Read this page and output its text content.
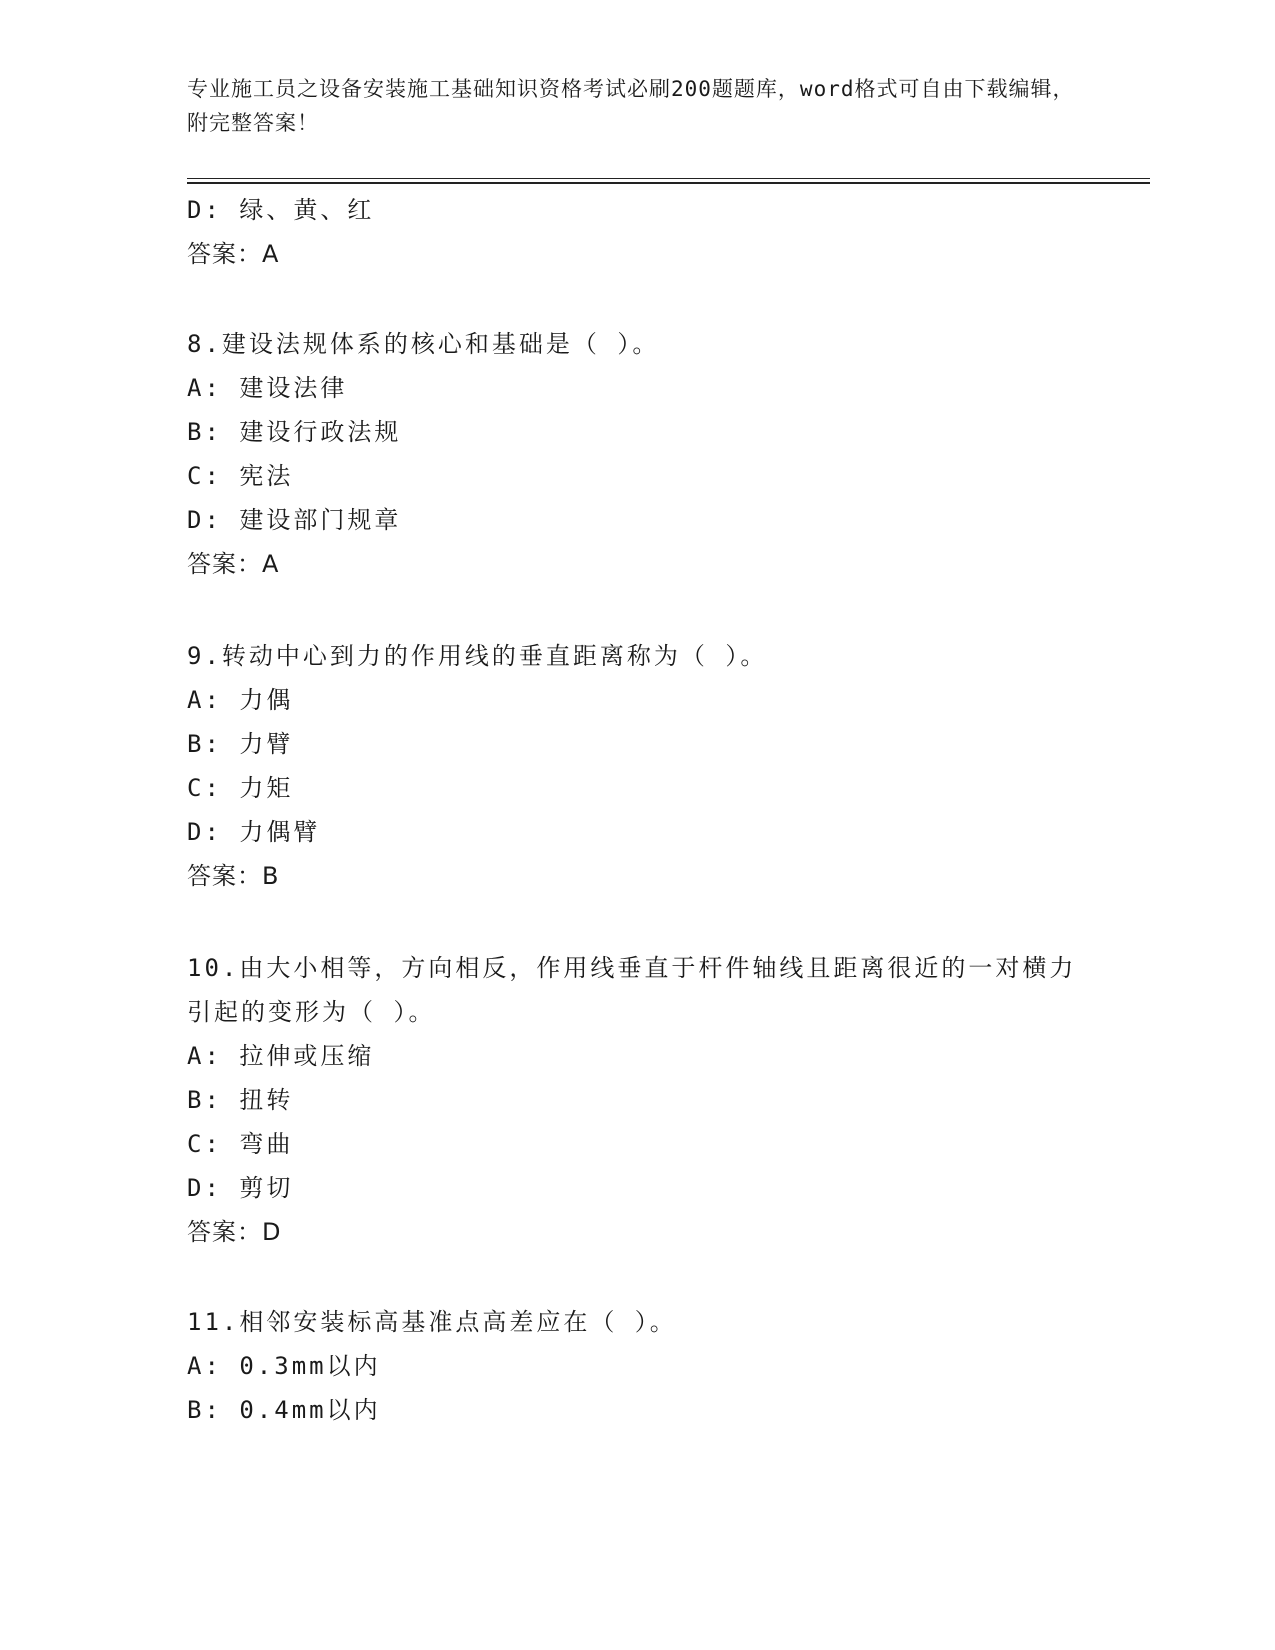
专业施工员之设备安装施工基础知识资格考试必刷200题题库，word格式可自由下载编辑，附完整答案！
D: 绿、黄、红
答案：A
8.建设法规体系的核心和基础是（ ）。
A: 建设法律
B: 建设行政法规
C: 宪法
D: 建设部门规章
答案：A
9.转动中心到力的作用线的垂直距离称为（ ）。
A: 力偶
B: 力臂
C: 力矩
D: 力偶臂
答案：B
10.由大小相等，方向相反，作用线垂直于杆件轴线且距离很近的一对横力引起的变形为（ ）。
A: 拉伸或压缩
B: 扭转
C: 弯曲
D: 剪切
答案：D
11.相邻安装标高基准点高差应在（ ）。
A: 0.3mm以内
B: 0.4mm以内
